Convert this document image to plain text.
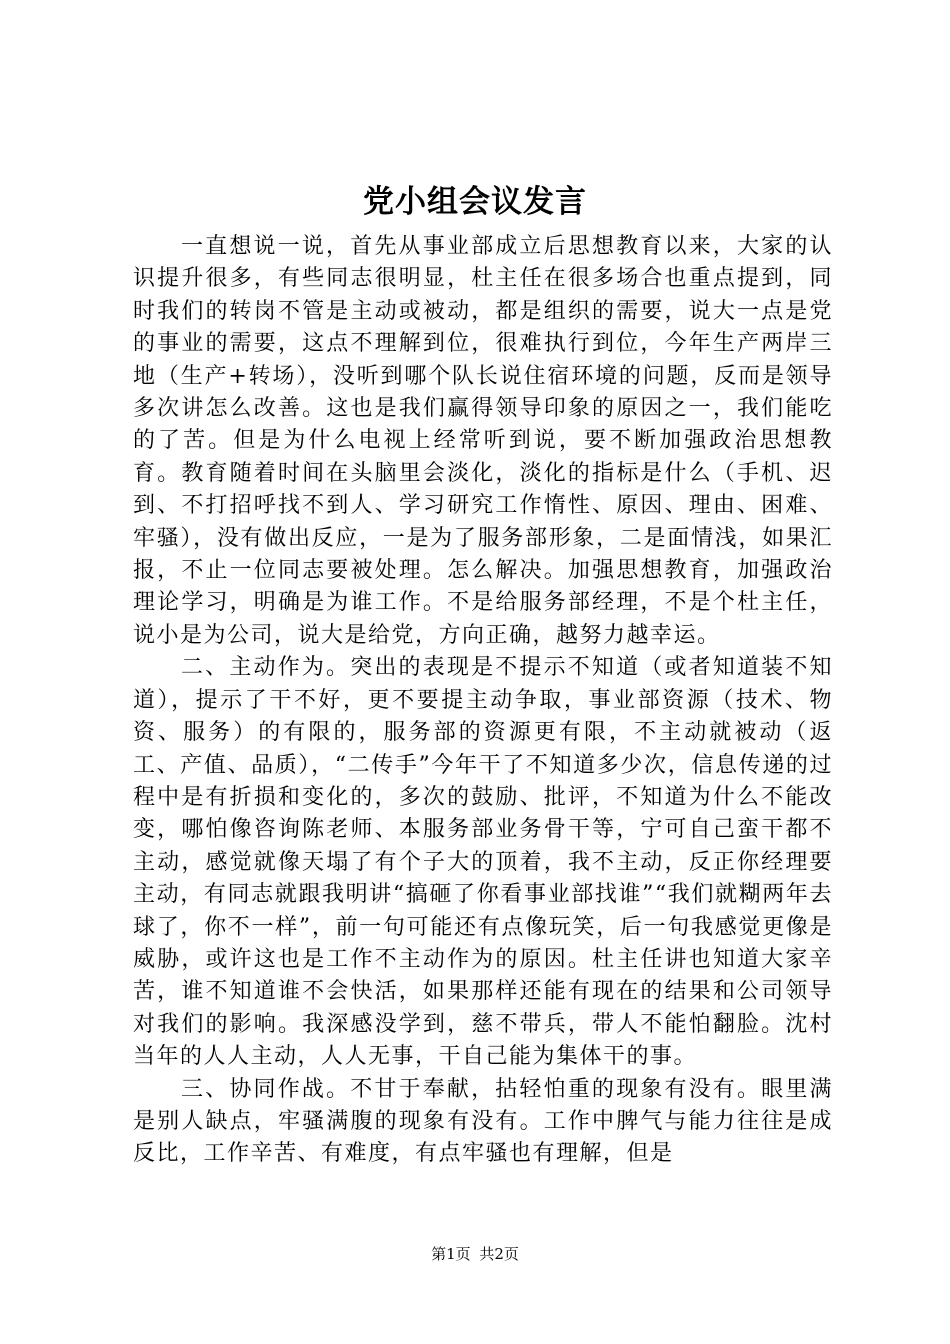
党小组会议发言

一直想说一说，首先从事业部成立后思想教育以来，大家的认识提升很多，有些同志很明显，杜主任在很多场合也重点提到，同时我们的转岗不管是主动或被动，都是组织的需要，说大一点是党的事业的需要，这点不理解到位，很难执行到位，今年生产两岸三地（生产+转场），没听到哪个队长说住宿环境的问题，反而是领导多次讲怎么改善。这也是我们赢得领导印象的原因之一，我们能吃的了苦。但是为什么电视上经常听到说，要不断加强政治思想教育。教育随着时间在头脑里会淡化，淡化的指标是什么（手机、迟到、不打招呼找不到人、学习研究工作惰性、原因、理由、困难、牢骚），没有做出反应，一是为了服务部形象，二是面情浅，如果汇报，不止一位同志要被处理。怎么解决。加强思想教育，加强政治理论学习，明确是为谁工作。不是给服务部经理，不是个杜主任，说小是为公司，说大是给党，方向正确，越努力越幸运。

二、主动作为。突出的表现是不提示不知道（或者知道装不知道），提示了干不好，更不要提主动争取，事业部资源（技术、物资、服务）的有限的，服务部的资源更有限，不主动就被动（返工、产值、品质），“二传手”今年干了不知道多少次，信息传递的过程中是有折损和变化的，多次的鼓励、批评，不知道为什么不能改变，哪怕像咨询陈老师、本服务部业务骨干等，宁可自己蛮干都不主动，感觉就像天塌了有个子大的顶着，我不主动，反正你经理要主动，有同志就跟我明讲“搞砸了你看事业部找谁”“我们就糊两年去球了，你不一样”，前一句可能还有点像玩笑，后一句我感觉更像是威胁，或许这也是工作不主动作为的原因。杜主任讲也知道大家辛苦，谁不知道谁不会快活，如果那样还能有现在的结果和公司领导对我们的影响。我深感没学到，慈不带兵，带人不能怕翻脸。沈村当年的人人主动，人人无事，干自己能为集体干的事。

三、协同作战。不甘于奉献，拈轻怕重的现象有没有。眼里满是别人缺点，牢骚满腹的现象有没有。工作中脾气与能力往往是成反比，工作辛苦、有难度，有点牢骚也有理解，但是

第1页 共2页
